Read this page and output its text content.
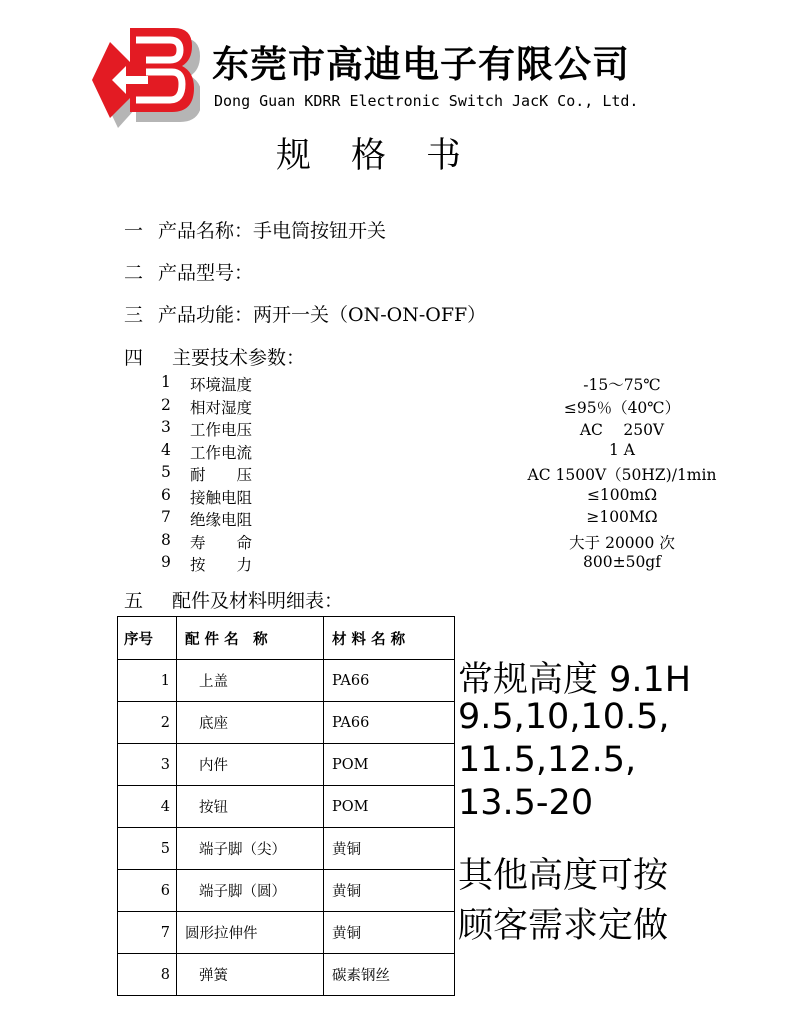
东莞市高迪电子有限公司
Dong Guan KDRR Electronic Switch JacK Co., Ltd.
规格书
一 产品名称：手电筒按钮开关
二 产品型号：
三 产品功能：两开一关（ON-ON-OFF）
四 主要技术参数：
1 环境温度	-15～75℃
2 相对湿度	≤95％（40℃）
3 工作电压	AC　 250V
4 工作电流	1 A
5 耐　　压	AC 1500V（50HZ)/1min
6 接触电阻	≤100mΩ
7 绝缘电阻	≥100MΩ
8 寿　　命	大于 20000 次
9 按　　力	800±50gf
五 配件及材料明细表：
序号	配 件 名　称	材 料 名 称
1	上盖	PA66
2	底座	PA66
3	内件	POM
4	按钮	POM
5	端子脚（尖）	黄铜
6	端子脚（圆）	黄铜
7	圆形拉伸件	黄铜
8	弹簧	碳素钢丝
常规高度 9.1H
9.5,10,10.5,
11.5,12.5,
13.5-20
其他高度可按
顾客需求定做
